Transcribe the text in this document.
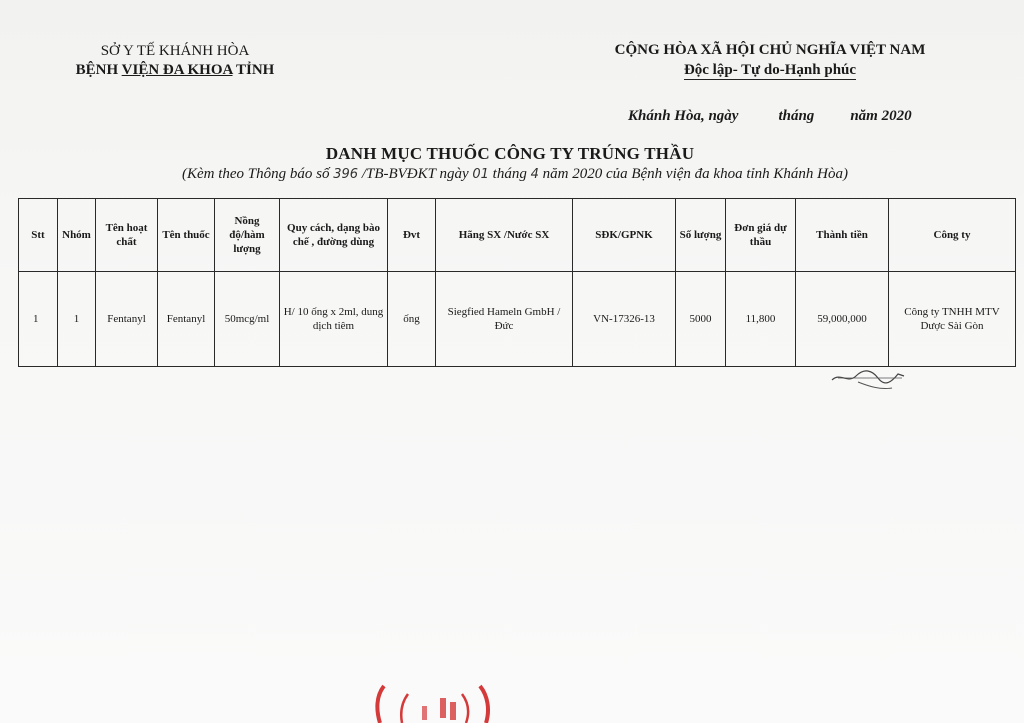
SỞ Y TẾ KHÁNH HÒA
BỆNH VIỆN ĐA KHOA TỈNH
CỘNG HÒA XÃ HỘI CHỦ NGHĨA VIỆT NAM
Độc lập- Tự do-Hạnh phúc
Khánh Hòa, ngày	tháng năm 2020
DANH MỤC THUỐC CÔNG TY TRÚNG THẦU
(Kèm theo Thông báo số 396 /TB-BVĐKT ngày 01 tháng 4 năm 2020 của Bệnh viện đa khoa tỉnh Khánh Hòa)
Stt	Nhóm	Tên hoạt chất	Tên thuốc	Nồng độ/hàm lượng	Quy cách, dạng bào chế , đường dùng	Đvt	Hãng SX /Nước SX	SĐK/GPNK	Số lượng	Đơn giá dự thầu	Thành tiền	Công ty
1	1	Fentanyl	Fentanyl	50mcg/ml	H/ 10 ống x 2ml, dung dịch tiêm	ống	Siegfied Hameln GmbH / Đức	VN-17326-13	5000	11,800	59,000,000	Công ty TNHH MTV Dược Sài Gòn
